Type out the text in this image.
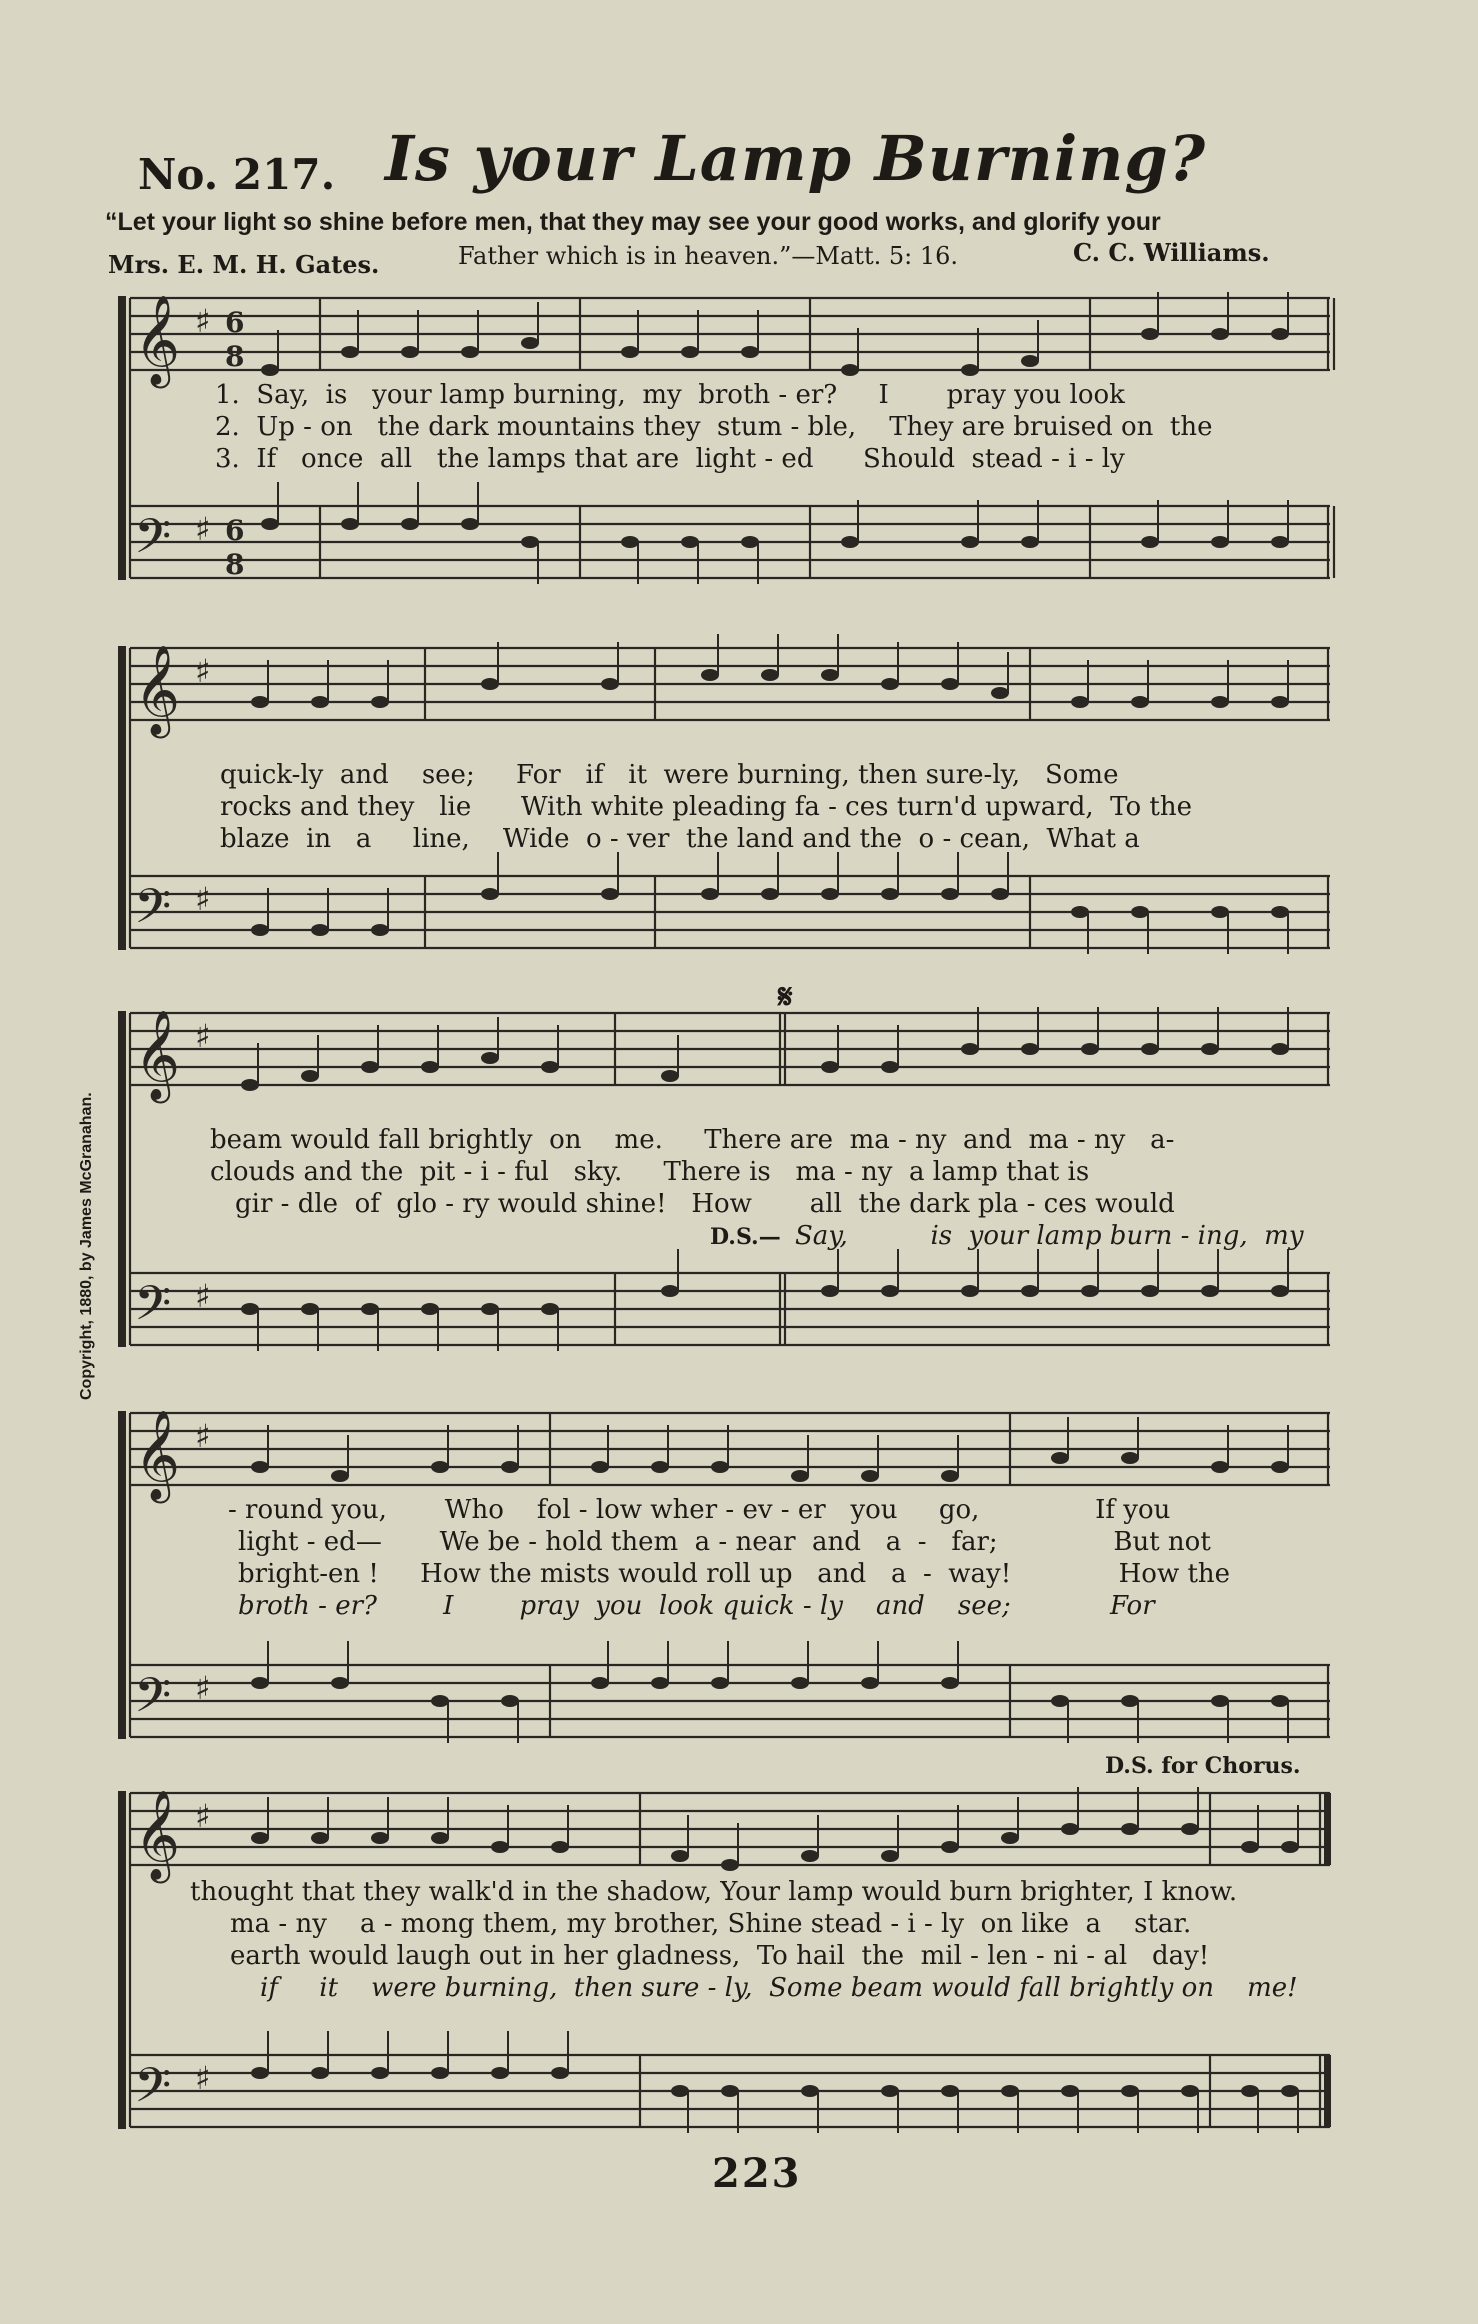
No. 217. Is your Lamp Burning?
“Let your light so shine before men, that they may see your good works, and glorify your
Mrs. E. M. H. Gates.	Father which is in heaven.”—Matt. 5: 16.	C. C. Williams.
Copyright, 1880, by James McGranahan.
𝄞
𝄢
♯ 6
8
♯ 6
8
1.  Say,  is   your lamp burning,  my  broth - er?     I       pray you look
2.  Up - on   the dark mountains they  stum - ble,    They are bruised on  the
3.  If   once  all   the lamps that are  light - ed      Should  stead - i - ly
𝄞
𝄢
♯
♯
quick-ly  and    see;     For   if   it  were burning, then sure-ly,   Some
rocks and they   lie      With white pleading fa - ces turn'd upward,  To the
blaze  in   a     line,    Wide  o - ver  the land and the  o - cean,  What a
𝄞
𝄢
♯
♯
𝄋
beam would fall brightly  on    me.     There are  ma - ny  and  ma - ny   a-
clouds and the  pit - i - ful   sky.     There is   ma - ny  a lamp that is
gir - dle  of  glo - ry would shine!   How       all  the dark pla - ces would
D.S.— Say,          is  your lamp burn - ing,  my
𝄞
𝄢
♯
♯
- round you,       Who    fol - low wher - ev - er   you     go,              If you
light - ed—       We be - hold them  a - near  and   a  -   far;              But not
bright-en !     How the mists would roll up   and   a  -  way!             How the
broth - er?        I        pray  you  look quick - ly    and    see;            For
D.S. for Chorus.
𝄞
𝄢
♯
♯
thought that they walk'd in the shadow, Your lamp would burn brighter, I know.
ma - ny    a - mong them, my brother, Shine stead - i - ly  on like  a    star.
earth would laugh out in her gladness,  To hail  the  mil - len - ni - al   day!
if     it    were burning,  then sure - ly,  Some beam would fall brightly on    me!
223
